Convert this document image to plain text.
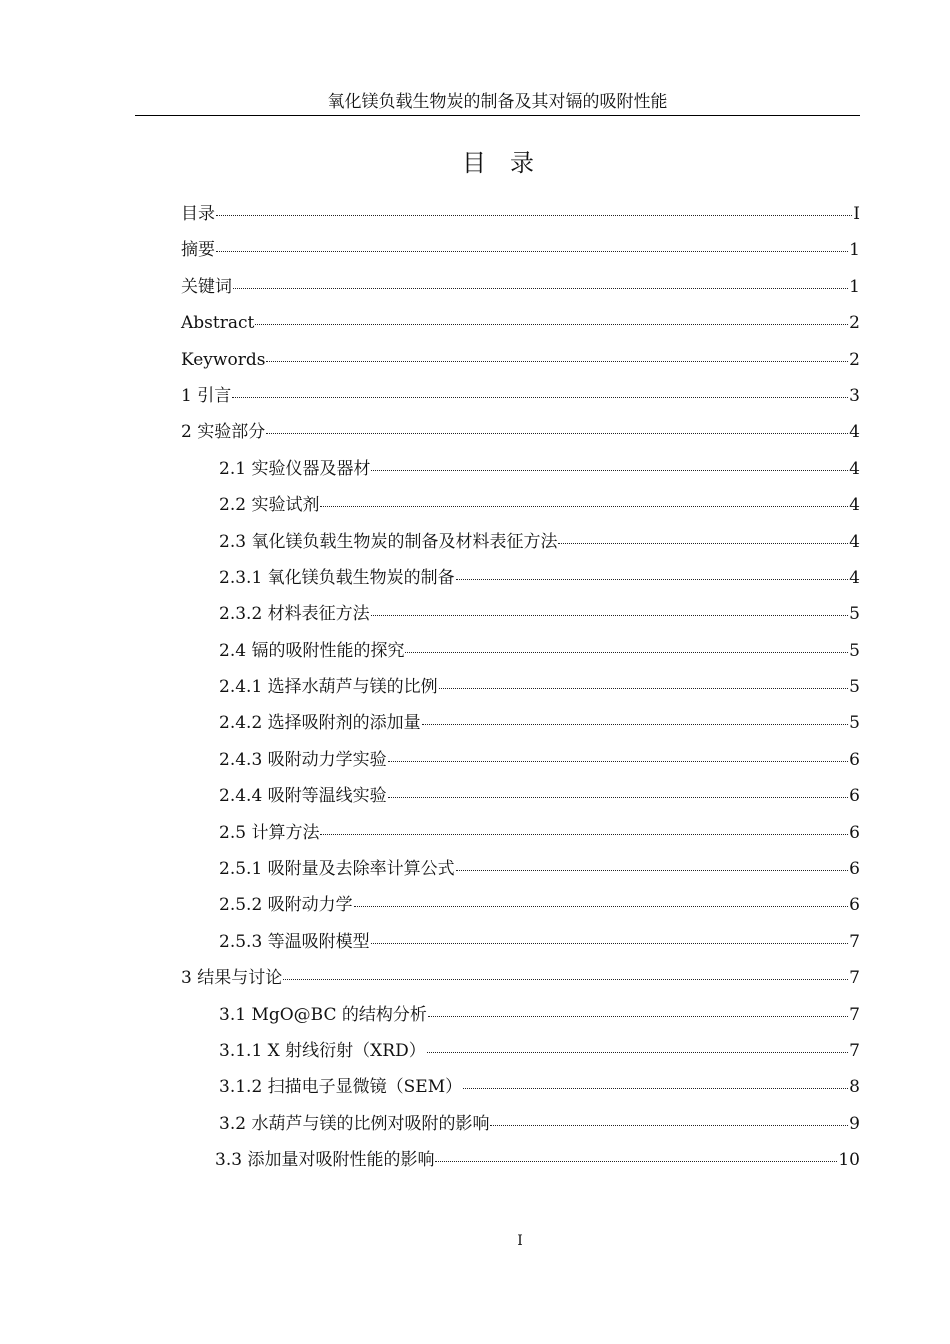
氧化镁负载生物炭的制备及其对镉的吸附性能
目录
目录	I
摘要	1
关键词	1
Abstract	2
Keywords	2
1 引言	3
2 实验部分	4
2.1 实验仪器及器材	4
2.2 实验试剂	4
2.3 氧化镁负载生物炭的制备及材料表征方法	4
2.3.1 氧化镁负载生物炭的制备	4
2.3.2 材料表征方法	5
2.4 镉的吸附性能的探究	5
2.4.1 选择水葫芦与镁的比例	5
2.4.2 选择吸附剂的添加量	5
2.4.3 吸附动力学实验	6
2.4.4 吸附等温线实验	6
2.5 计算方法	6
2.5.1 吸附量及去除率计算公式	6
2.5.2 吸附动力学	6
2.5.3 等温吸附模型	7
3 结果与讨论	7
3.1 MgO@BC 的结构分析	7
3.1.1 X 射线衍射（XRD）	7
3.1.2 扫描电子显微镜（SEM）	8
3.2 水葫芦与镁的比例对吸附的影响	9
3.3 添加量对吸附性能的影响	10
I
